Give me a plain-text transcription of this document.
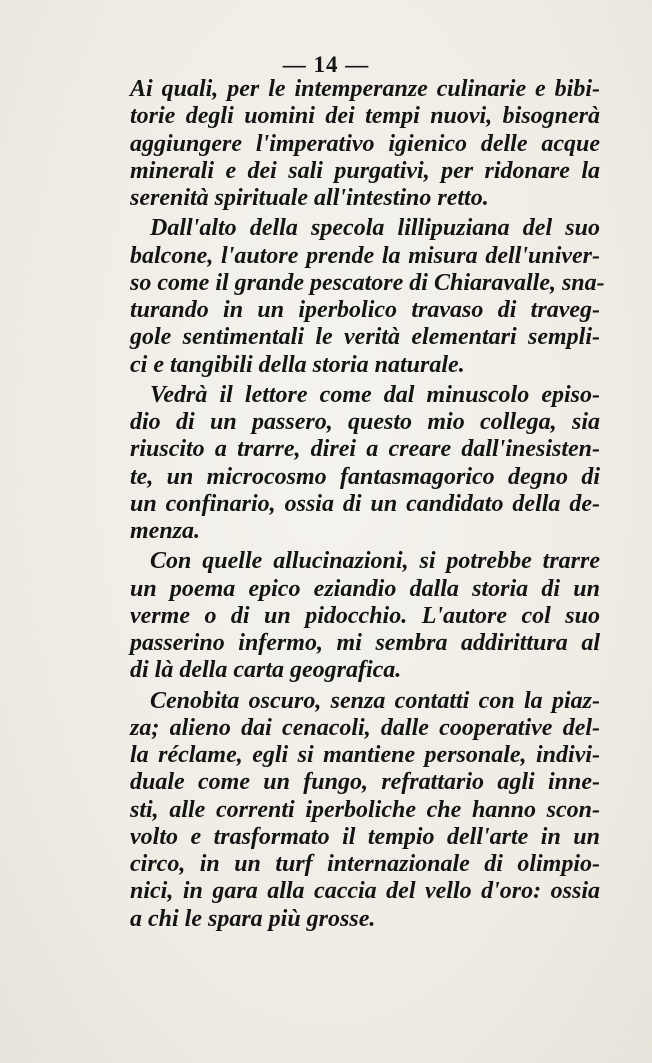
— 14 —
Ai quali, per le intemperanze culinarie e bibi-
torie degli uomini dei tempi nuovi, bisognerà
aggiungere l'imperativo igienico delle acque
minerali e dei sali purgativi, per ridonare la
serenità spirituale all'intestino retto.
Dall'alto della specola lillipuziana del suo
balcone, l'autore prende la misura dell'univer-
so come il grande pescatore di Chiaravalle, sna-
turando in un iperbolico travaso di traveg-
gole sentimentali le verità elementari sempli-
ci e tangibili della storia naturale.
Vedrà il lettore come dal minuscolo episo-
dio di un passero, questo mio collega, sia
riuscito a trarre, direi a creare dall'inesisten-
te, un microcosmo fantasmagorico degno di
un confinario, ossia di un candidato della de-
menza.
Con quelle allucinazioni, si potrebbe trarre
un poema epico eziandio dalla storia di un
verme o di un pidocchio. L'autore col suo
passerino infermo, mi sembra addirittura al
di là della carta geografica.
Cenobita oscuro, senza contatti con la piaz-
za; alieno dai cenacoli, dalle cooperative del-
la réclame, egli si mantiene personale, indivi-
duale come un fungo, refrattario agli inne-
sti, alle correnti iperboliche che hanno scon-
volto e trasformato il tempio dell'arte in un
circo, in un turf internazionale di olimpio-
nici, in gara alla caccia del vello d'oro: ossia
a chi le spara più grosse.
